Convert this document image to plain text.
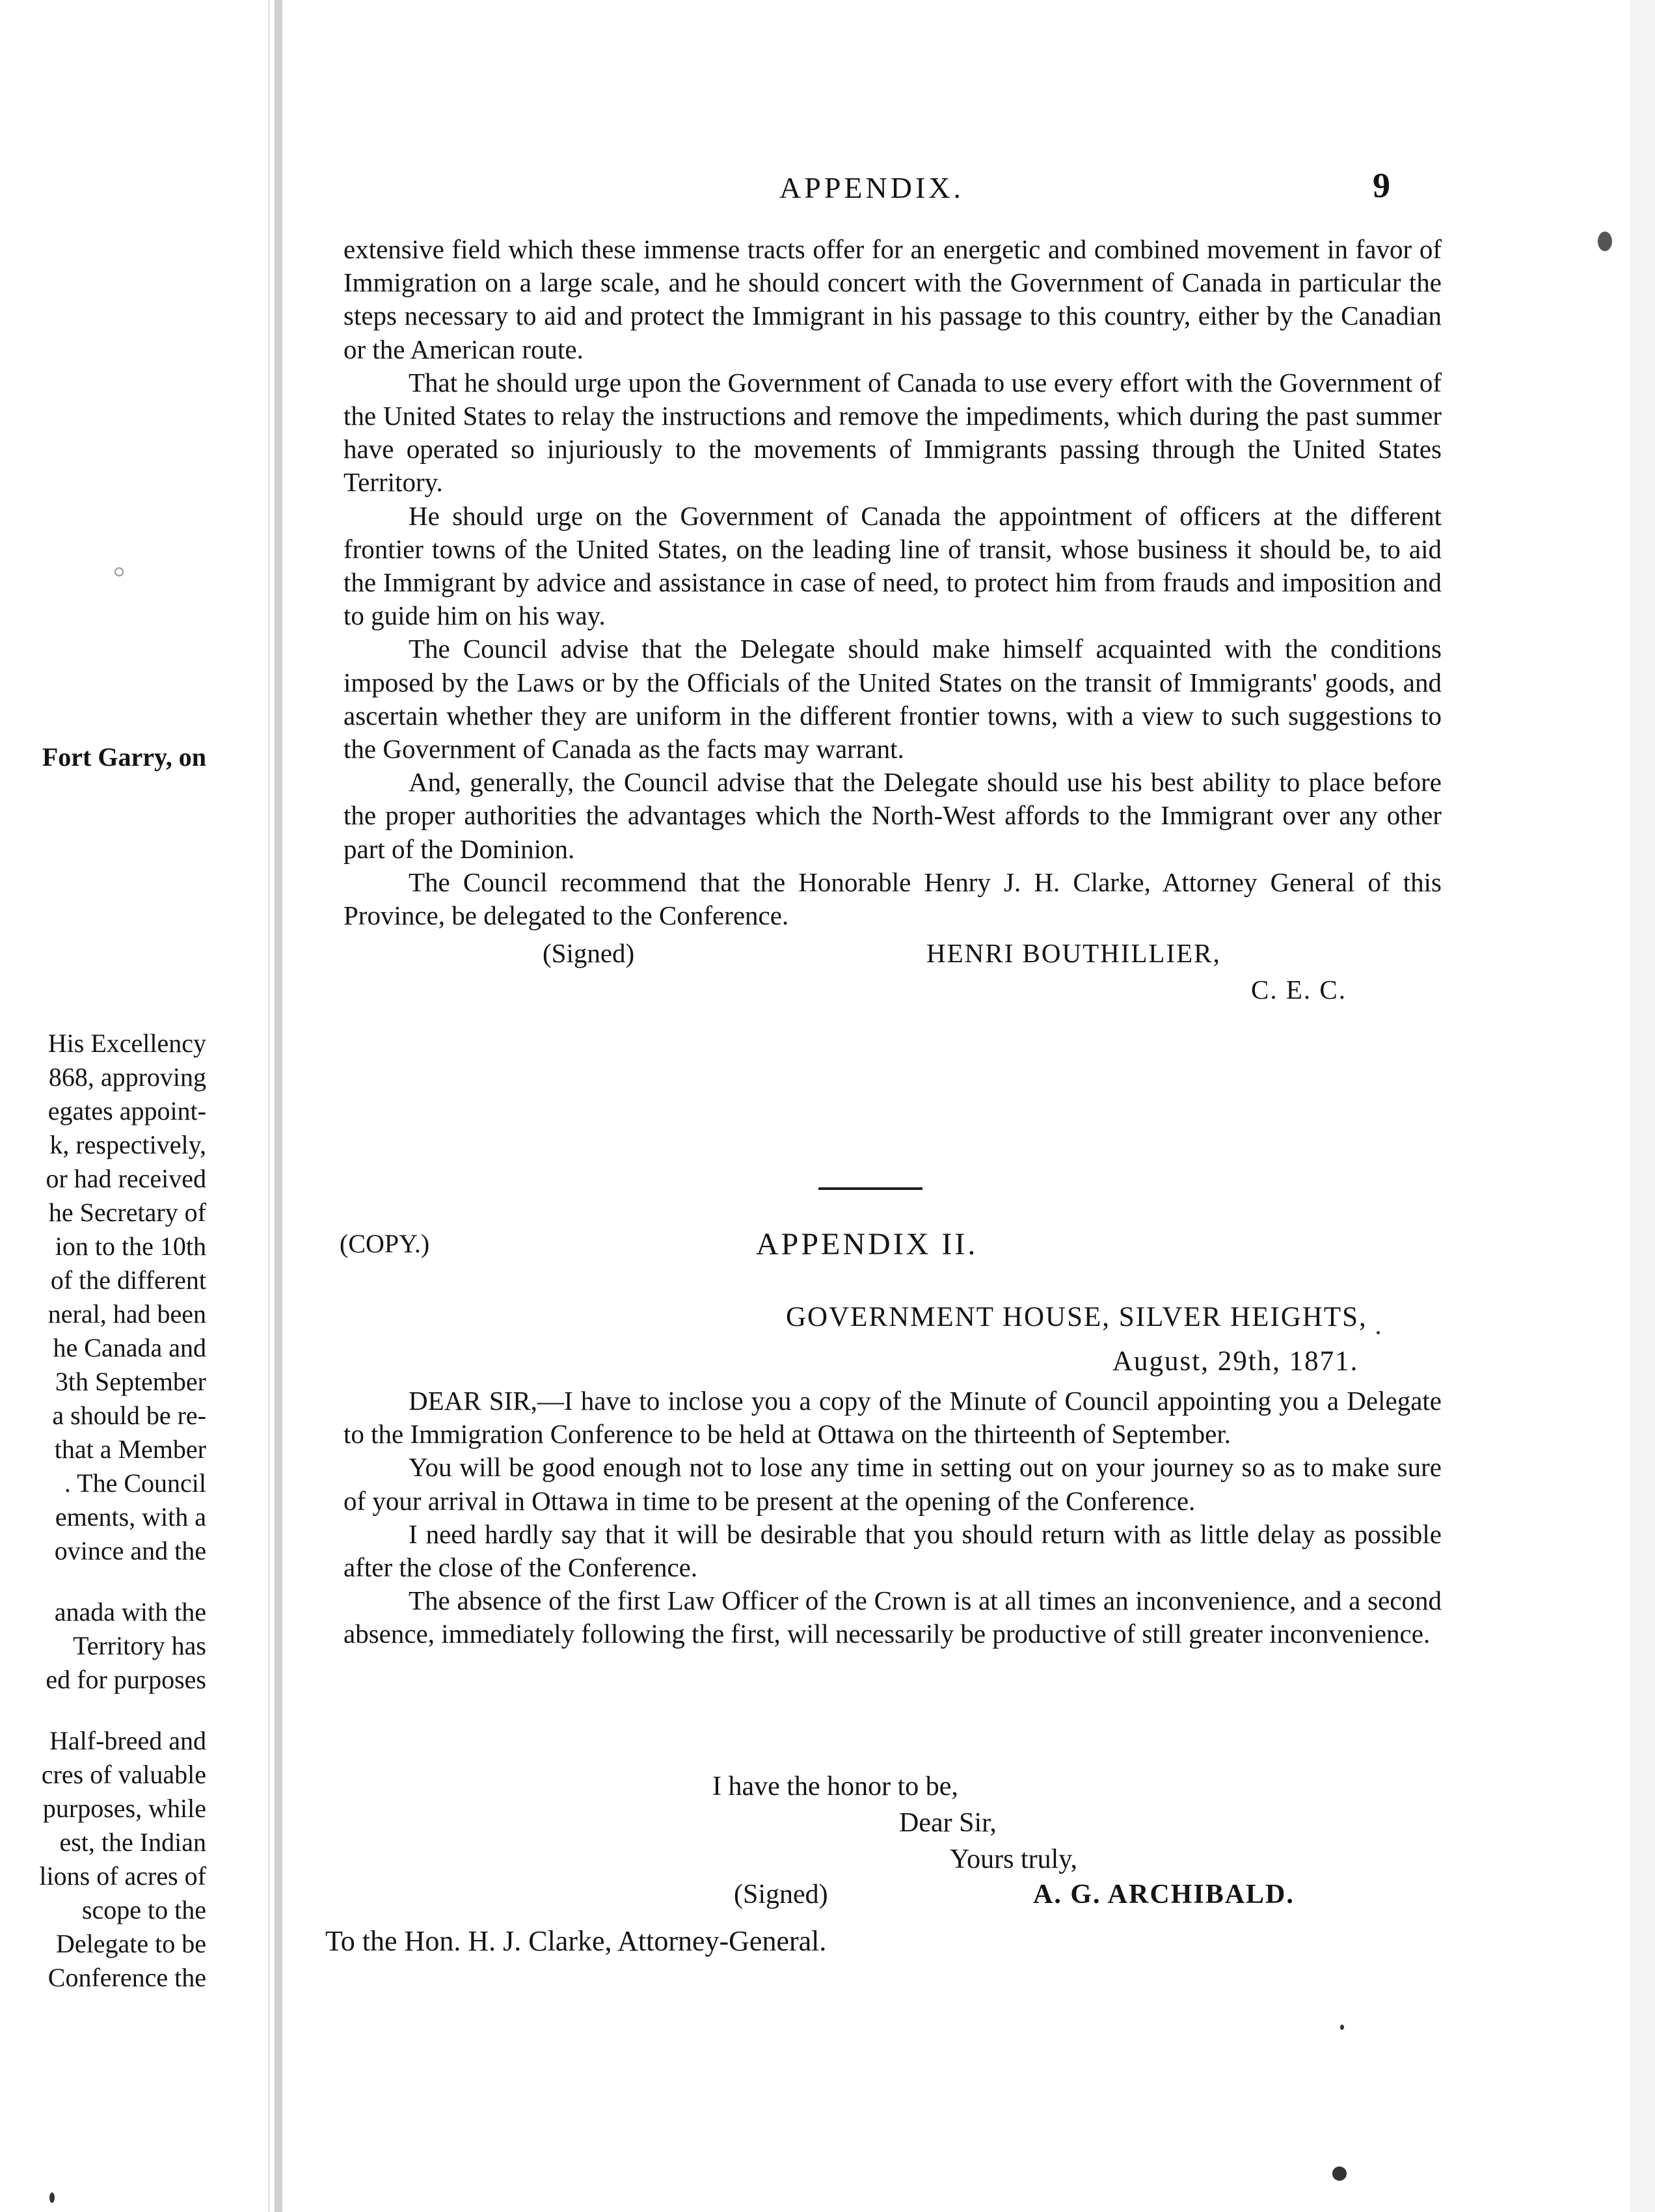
Fort Garry, on
His Excellency
868, approving
egates appoint-
k, respectively,
or had received
he Secretary of
ion to the 10th
of the different
neral, had been
he Canada and
3th September
a should be re-
that a Member
. The Council
ements, with a
ovince and the
anada with the
Territory has
ed for purposes
Half-breed and
cres of valuable
purposes, while
est, the Indian
lions of acres of
scope to the
Delegate to be
Conference the
APPENDIX.	9

extensive field which these immense tracts offer for an energetic and combined movement in favor of Immigration on a large scale, and he should concert with the Government of Canada in particular the steps necessary to aid and protect the Immigrant in his passage to this country, either by the Canadian or the American route.

That he should urge upon the Government of Canada to use every effort with the Government of the United States to relay the instructions and remove the impediments, which during the past summer have operated so injuriously to the movements of Immigrants passing through the United States Territory.

He should urge on the Government of Canada the appointment of officers at the different frontier towns of the United States, on the leading line of transit, whose business it should be, to aid the Immigrant by advice and assistance in case of need, to protect him from frauds and imposition and to guide him on his way.

The Council advise that the Delegate should make himself acquainted with the conditions imposed by the Laws or by the Officials of the United States on the transit of Immigrants' goods, and ascertain whether they are uniform in the different frontier towns, with a view to such suggestions to the Government of Canada as the facts may warrant.

And, generally, the Council advise that the Delegate should use his best ability to place before the proper authorities the advantages which the North-West affords to the Immigrant over any other part of the Dominion.

The Council recommend that the Honorable Henry J. H. Clarke, Attorney General of this Province, be delegated to the Conference.

(Signed)	HENRI BOUTHILLIER,
C. E. C.
(COPY.)	APPENDIX II.
GOVERNMENT HOUSE, SILVER HEIGHTS,
August, 29th, 1871.

DEAR SIR,—I have to inclose you a copy of the Minute of Council appointing you a Delegate to the Immigration Conference to be held at Ottawa on the thirteenth of September.

You will be good enough not to lose any time in setting out on your journey so as to make sure of your arrival in Ottawa in time to be present at the opening of the Conference.

I need hardly say that it will be desirable that you should return with as little delay as possible after the close of the Conference.

The absence of the first Law Officer of the Crown is at all times an inconvenience, and a second absence, immediately following the first, will necessarily be productive of still greater inconvenience.

I have the honor to be,
Dear Sir,
Yours truly,
(Signed)	A. G. ARCHIBALD.
To the Hon. H. J. Clarke, Attorney-General.
